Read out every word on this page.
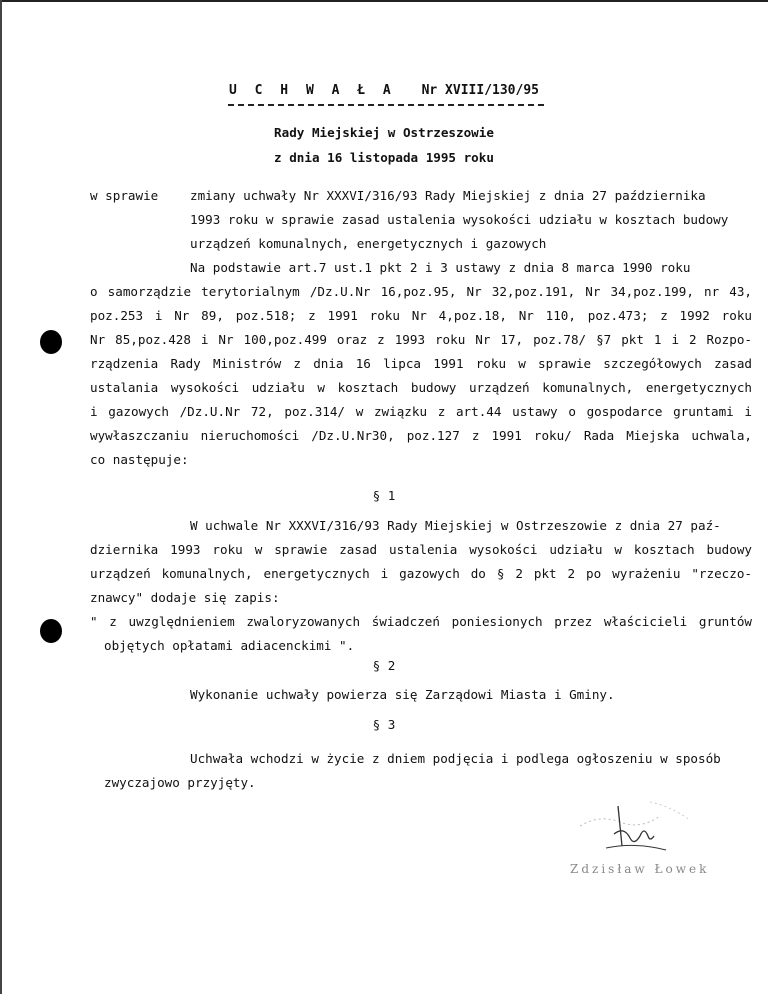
U C H W A Ł A Nr XVIII/130/95
Rady Miejskiej w Ostrzeszowie
z dnia 16 listopada 1995 roku
w sprawie	zmiany uchwały Nr XXXVI/316/93 Rady Miejskiej z dnia 27 października
1993 roku w sprawie zasad ustalenia wysokości udziału w kosztach budowy
urządzeń komunalnych, energetycznych i gazowych
Na podstawie art.7 ust.1 pkt 2 i 3 ustawy z dnia 8 marca 1990 roku
o samorządzie terytorialnym /Dz.U.Nr 16,poz.95, Nr 32,poz.191, Nr 34,poz.199, nr 43,
poz.253 i Nr 89, poz.518; z 1991 roku Nr 4,poz.18, Nr 110, poz.473; z 1992 roku
Nr 85,poz.428 i Nr 100,poz.499 oraz z 1993 roku Nr 17, poz.78/ §7 pkt 1 i 2 Rozpo-
rządzenia Rady Ministrów z dnia 16 lipca 1991 roku w sprawie szczegółowych zasad
ustalania wysokości udziału w kosztach budowy urządzeń komunalnych, energetycznych
i gazowych /Dz.U.Nr 72, poz.314/ w związku z art.44 ustawy o gospodarce gruntami i
wywłaszczaniu nieruchomości /Dz.U.Nr30, poz.127 z 1991 roku/ Rada Miejska uchwala,
co następuje:
§ 1
W uchwale Nr XXXVI/316/93 Rady Miejskiej w Ostrzeszowie z dnia 27 paź-
dziernika 1993 roku w sprawie zasad ustalenia wysokości udziału w kosztach budowy
urządzeń komunalnych, energetycznych i gazowych do § 2 pkt 2 po wyrażeniu "rzeczo-
znawcy" dodaje się zapis:
" z uwzględnieniem zwaloryzowanych świadczeń poniesionych przez właścicieli gruntów
objętych opłatami adiacenckimi ".
§ 2
Wykonanie uchwały powierza się Zarządowi Miasta i Gminy.
§ 3
Uchwała wchodzi w życie z dniem podjęcia i podlega ogłoszeniu w sposób
zwyczajowo przyjęty.
Zdzisław Łowek
